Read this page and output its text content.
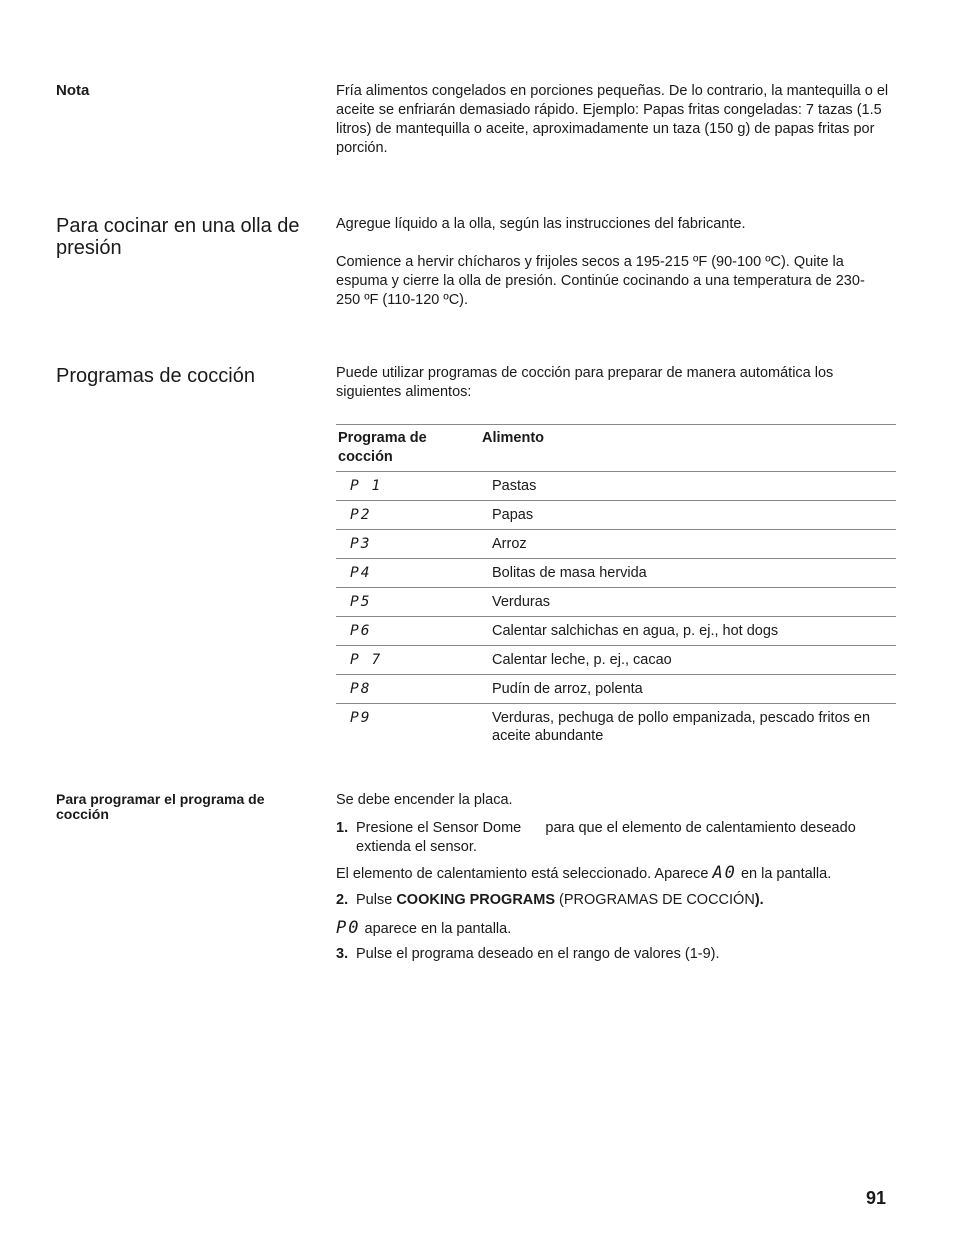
Nota	Fría alimentos congelados en porciones pequeñas. De lo contrario, la mantequilla o el aceite se enfriarán demasiado rápido. Ejemplo: Papas fritas congeladas: 7 tazas (1.5 litros) de mantequilla o aceite, aproximadamente un taza (150 g) de papas fritas por porción.
Para cocinar en una olla de presión
Agregue líquido a la olla, según las instrucciones del fabricante.
Comience a hervir chícharos y frijoles secos a 195-215 ºF (90-100 ºC). Quite la espuma y cierre la olla de presión. Continúe cocinando a una temperatura de 230-250 ºF (110-120 ºC).
Programas de cocción	Puede utilizar programas de cocción para preparar de manera automática los siguientes alimentos:
Programa de cocción	Alimento
P 1	Pastas
P2	Papas
P3	Arroz
P4	Bolitas de masa hervida
P5	Verduras
P6	Calentar salchichas en agua, p. ej., hot dogs
P 7	Calentar leche, p. ej., cacao
P8	Pudín de arroz, polenta
P9	Verduras, pechuga de pollo empanizada, pescado fritos en aceite abundante
Para programar el programa de cocción
Se debe encender la placa.
1. Presione el Sensor Dome      para que el elemento de calentamiento deseado extienda el sensor.
El elemento de calentamiento está seleccionado. Aparece A0 en la pantalla.
2. Pulse COOKING PROGRAMS (PROGRAMAS DE COCCIÓN).
P0 aparece en la pantalla.
3. Pulse el programa deseado en el rango de valores (1-9).
91
